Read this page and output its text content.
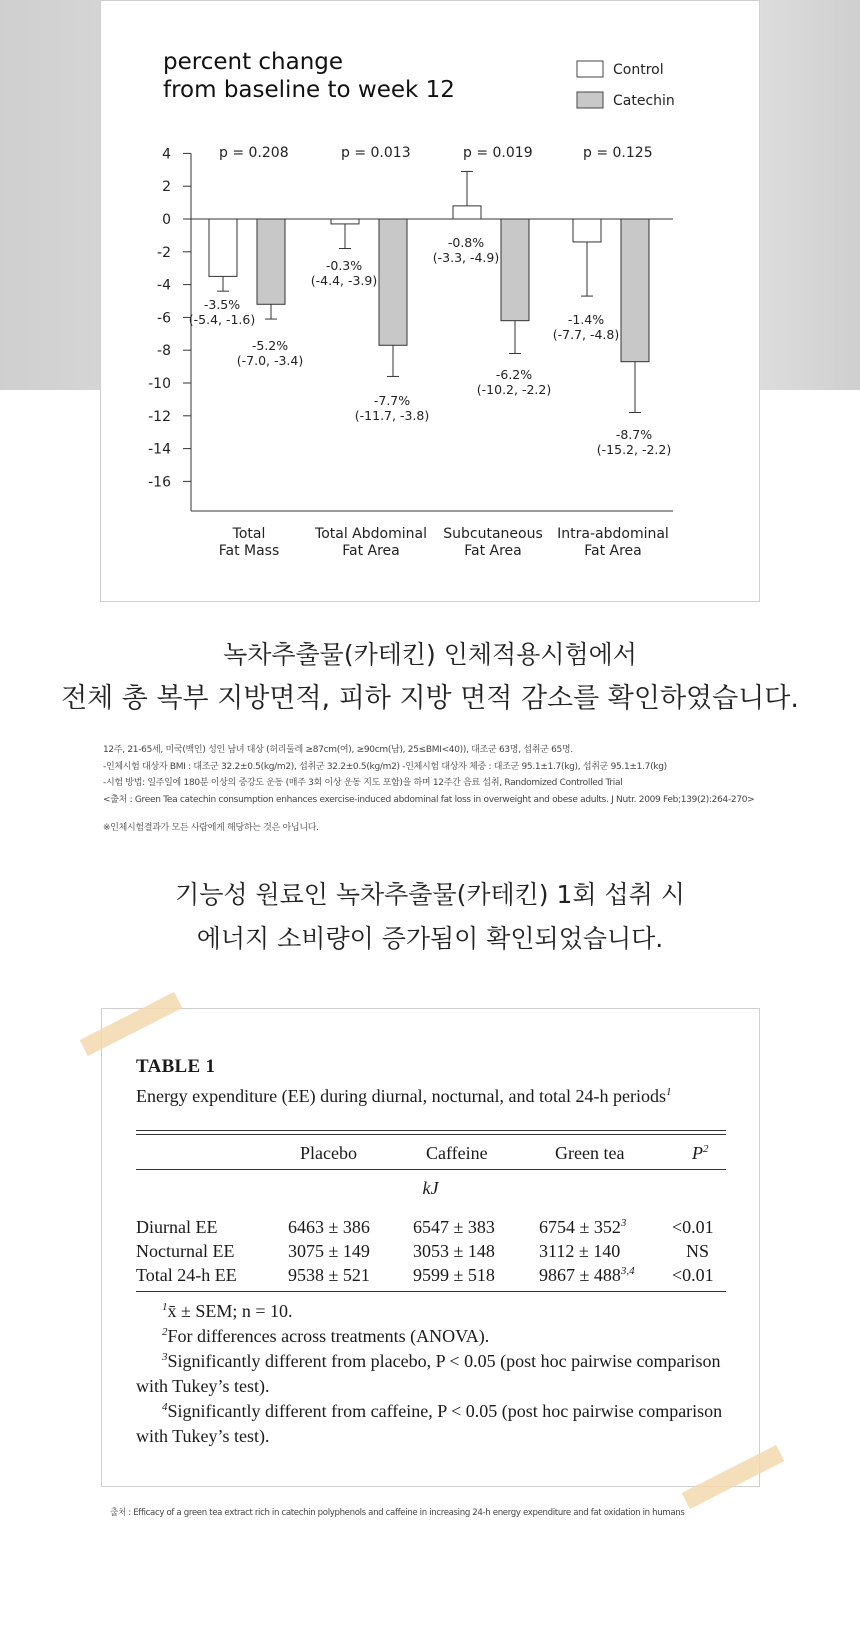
percent change
from baseline to week 12
Control
Catechin
4
2
0
-2
-4
-6
-8
-10
-12
-14
-16
p = 0.208
-3.5%
(-5.4, -1.6)
-5.2%
(-7.0, -3.4)
Total
Fat Mass
p = 0.013
-0.3%
(-4.4, -3.9)
-7.7%
(-11.7, -3.8)
Total Abdominal
Fat Area
p = 0.019
-0.8%
(-3.3, -4.9)
-6.2%
(-10.2, -2.2)
Subcutaneous
Fat Area
p = 0.125
-1.4%
(-7.7, -4.8)
-8.7%
(-15.2, -2.2)
Intra-abdominal
Fat Area
녹차추출물(카테킨) 인체적용시험에서
전체 총 복부 지방면적, 피하 지방 면적 감소를 확인하였습니다.
12주, 21-65세, 미국(백인) 성인 남녀 대상 (허리둘레 ≥87cm(여), ≥90cm(남), 25≤BMI<40)), 대조군 63명, 섭취군 65명.
-인체시험 대상자 BMI : 대조군 32.2±0.5(kg/m2), 섭취군 32.2±0.5(kg/m2) -인체시험 대상자 체중 : 대조군 95.1±1.7(kg), 섭취군 95.1±1.7(kg)
-시험 방법: 일주일에 180분 이상의 중강도 운동 (매주 3회 이상 운동 지도 포함)을 하며 12주간 음료 섭취, Randomized Controlled Trial
<출처 : Green Tea catechin consumption enhances exercise-induced abdominal fat loss in overweight and obese adults. J Nutr. 2009 Feb;139(2):264-270>
※인체시험결과가 모든 사람에게 해당하는 것은 아닙니다.
기능성 원료인 녹차추출물(카테킨) 1회 섭취 시
에너지 소비량이 증가됨이 확인되었습니다.
TABLE 1
Energy expenditure (EE) during diurnal, nocturnal, and total 24-h periods$^1$
Placebo	Caffeine	Green tea	$P^2$
kJ
Diurnal EE	6463 ± 386 6547 ± 383 $6754 \pm 352^3$	<0.01
Nocturnal EE	3075 ± 149 3053 ± 148 3112 ± 140	NS
Total 24-h EE	9538 ± 521 9599 ± 518 $9867 \pm 488^{3,4} <0.01$
$^1$x̄ ± SEM; n = 10.
$^2$For differences across treatments (ANOVA).
$^3$Significantly different from placebo, P < 0.05 (post hoc pairwise comparison with Tukey’s test).
$^4$Significantly different from caffeine, P < 0.05 (post hoc pairwise comparison with Tukey’s test).
출처 : Efficacy of a green tea extract rich in catechin polyphenols and caffeine in increasing 24-h energy expenditure and fat oxidation in humans
